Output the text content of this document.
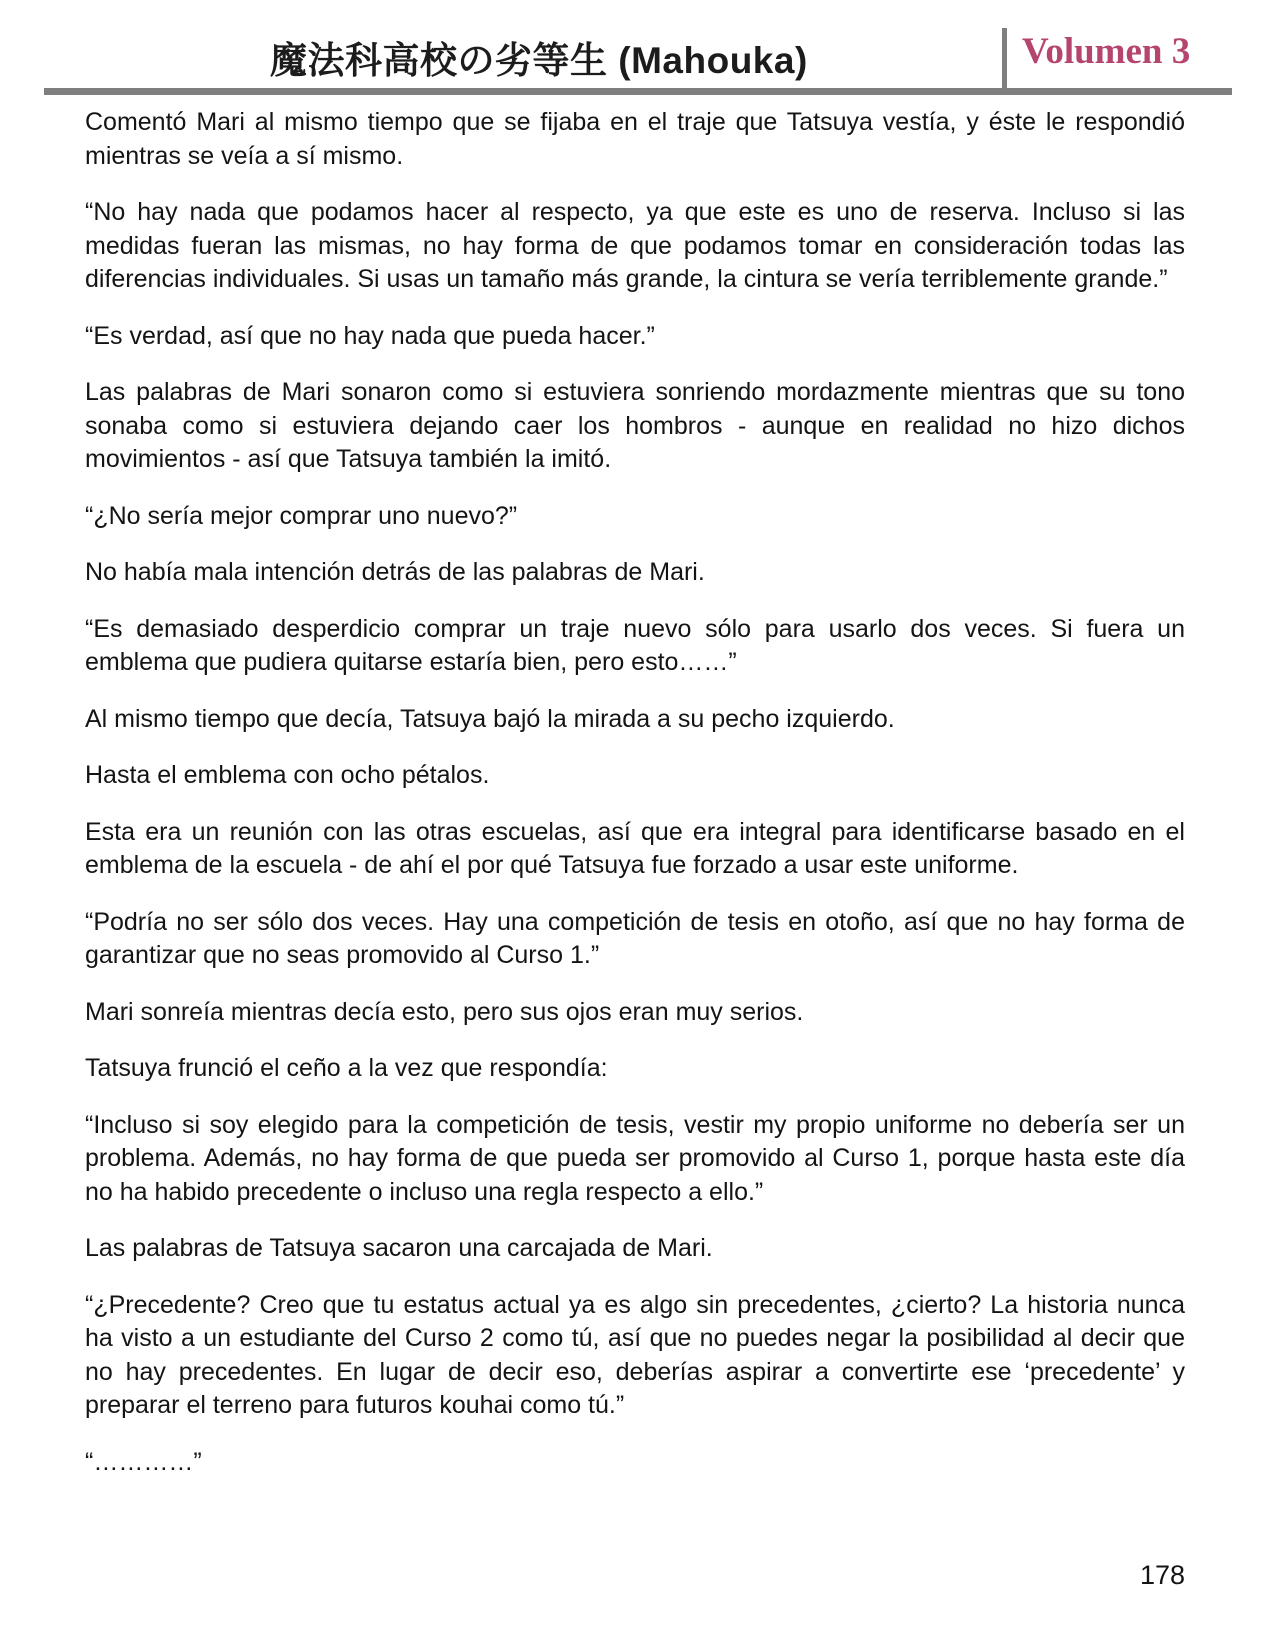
魔法科高校の劣等生 (Mahouka)	Volumen 3

Comentó Mari al mismo tiempo que se fijaba en el traje que Tatsuya vestía, y éste le respondió mientras se veía a sí mismo.

“No hay nada que podamos hacer al respecto, ya que este es uno de reserva. Incluso si las medidas fueran las mismas, no hay forma de que podamos tomar en consideración todas las diferencias individuales. Si usas un tamaño más grande, la cintura se vería terriblemente grande.”

“Es verdad, así que no hay nada que pueda hacer.”

Las palabras de Mari sonaron como si estuviera sonriendo mordazmente mientras que su tono sonaba como si estuviera dejando caer los hombros - aunque en realidad no hizo dichos movimientos - así que Tatsuya también la imitó.

“¿No sería mejor comprar uno nuevo?”

No había mala intención detrás de las palabras de Mari.

“Es demasiado desperdicio comprar un traje nuevo sólo para usarlo dos veces. Si fuera un emblema que pudiera quitarse estaría bien, pero esto……”

Al mismo tiempo que decía, Tatsuya bajó la mirada a su pecho izquierdo.

Hasta el emblema con ocho pétalos.

Esta era un reunión con las otras escuelas, así que era integral para identificarse basado en el emblema de la escuela - de ahí el por qué Tatsuya fue forzado a usar este uniforme.

“Podría no ser sólo dos veces. Hay una competición de tesis en otoño, así que no hay forma de garantizar que no seas promovido al Curso 1.”

Mari sonreía mientras decía esto, pero sus ojos eran muy serios.

Tatsuya frunció el ceño a la vez que respondía:

“Incluso si soy elegido para la competición de tesis, vestir my propio uniforme no debería ser un problema. Además, no hay forma de que pueda ser promovido al Curso 1, porque hasta este día no ha habido precedente o incluso una regla respecto a ello.”

Las palabras de Tatsuya sacaron una carcajada de Mari.

“¿Precedente? Creo que tu estatus actual ya es algo sin precedentes, ¿cierto? La historia nunca ha visto a un estudiante del Curso 2 como tú, así que no puedes negar la posibilidad al decir que no hay precedentes. En lugar de decir eso, deberías aspirar a convertirte ese ‘precedente’ y preparar el terreno para futuros kouhai como tú.”

“…………”

178
